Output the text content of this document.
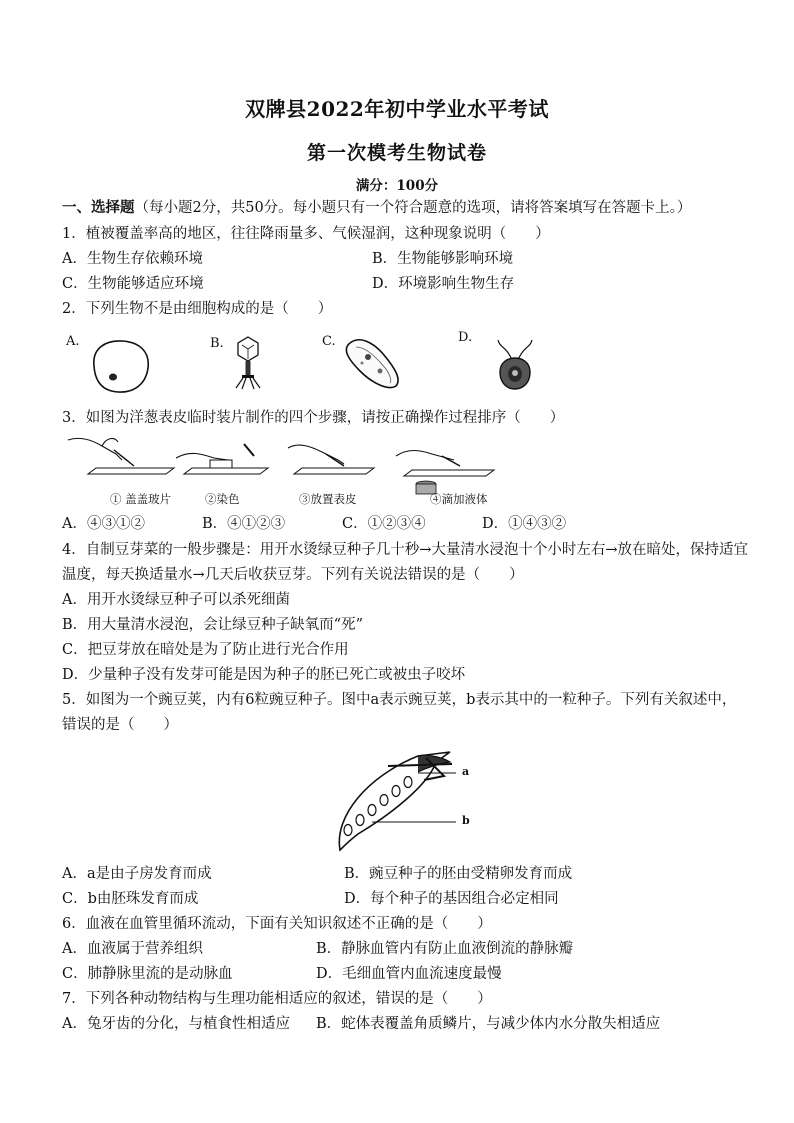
双牌县2022年初中学业水平考试
第一次模考生物试卷
满分：100分
一、选择题（每小题2分，共50分。每小题只有一个符合题意的选项，请将答案填写在答题卡上。）
1．植被覆盖率高的地区，往往降雨量多、气候湿润，这种现象说明（　　）
A．生物生存依赖环境	B．生物能够影响环境
C．生物能够适应环境	D．环境影响生物生存
2．下列生物不是由细胞构成的是（　　）
A.	B.	C.	D.
3．如图为洋葱表皮临时装片制作的四个步骤，请按正确操作过程排序（　　）
① 盖盖玻片	②染色	③放置表皮	④滴加液体
A．④③①②	B．④①②③	C．①②③④	D．①④③②
4．自制豆芽菜的一般步骤是：用开水烫绿豆种子几十秒→大量清水浸泡十个小时左右→放在暗处，保持适宜
温度，每天换适量水→几天后收获豆芽。下列有关说法错误的是（　　）
A．用开水烫绿豆种子可以杀死细菌
B．用大量清水浸泡，会让绿豆种子缺氧而“死”
C．把豆芽放在暗处是为了防止进行光合作用
D．少量种子没有发芽可能是因为种子的胚已死亡或被虫子咬坏
5．如图为一个豌豆荚，内有6粒豌豆种子。图中a表示豌豆荚，b表示其中的一粒种子。下列有关叙述中，
错误的是（　　）
a
b
A．a是由子房发育而成	B．豌豆种子的胚由受精卵发育而成
C．b由胚珠发育而成	D．每个种子的基因组合必定相同
6．血液在血管里循环流动，下面有关知识叙述不正确的是（　　）
A．血液属于营养组织	B．静脉血管内有防止血液倒流的静脉瓣
C．肺静脉里流的是动脉血	D．毛细血管内血流速度最慢
7．下列各种动物结构与生理功能相适应的叙述，错误的是（　　）
A．兔牙齿的分化，与植食性相适应 B．蛇体表覆盖角质鳞片，与减少体内水分散失相适应
